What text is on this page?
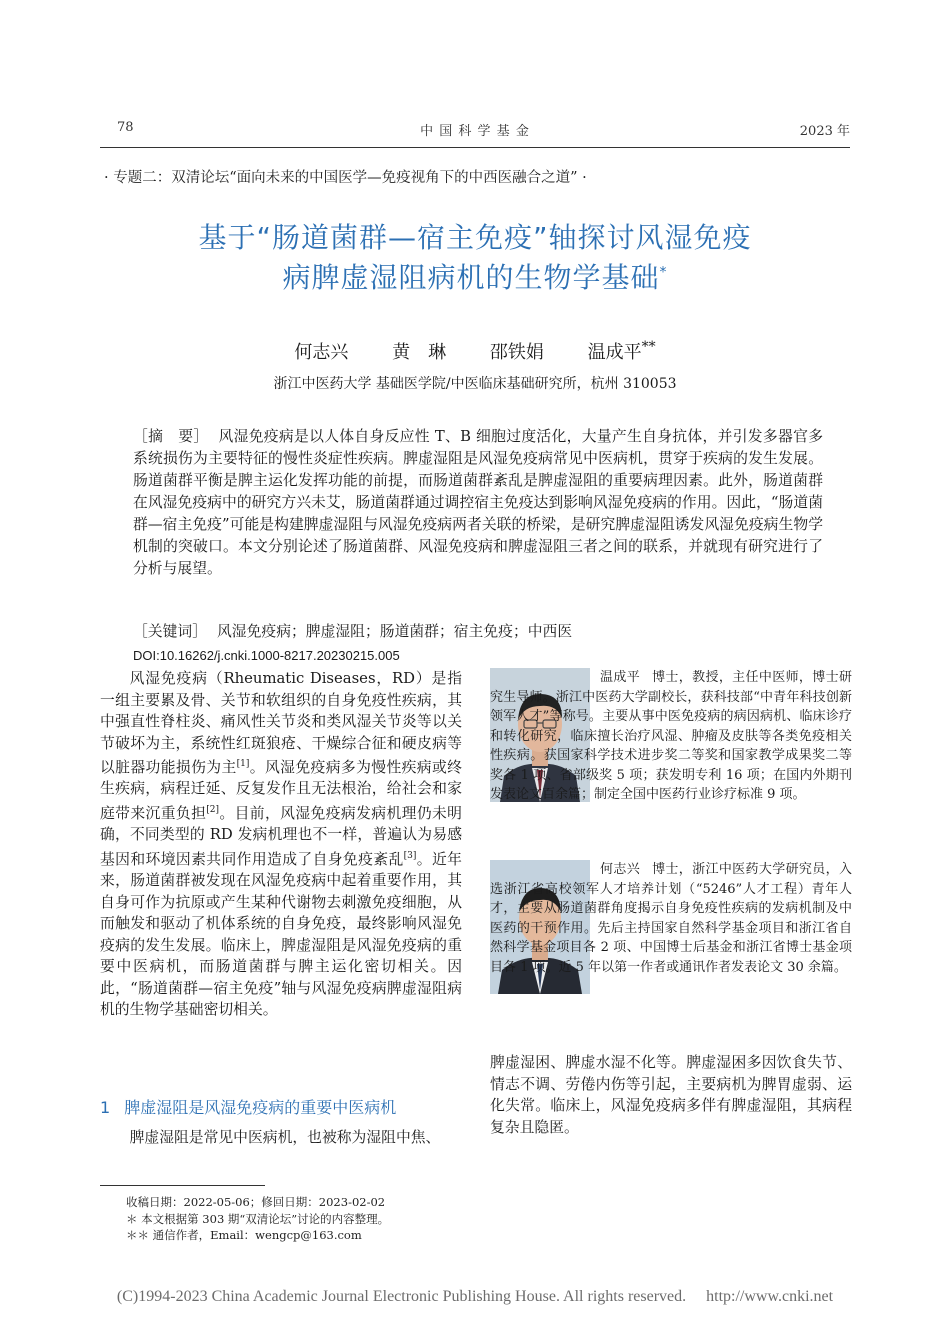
78	中 国 科 学 基 金	2023 年
· 专题二：双清论坛“面向未来的中国医学—免疫视角下的中西医融合之道” ·
基于“肠道菌群—宿主免疫”轴探讨风湿免疫
病脾虚湿阻病机的生物学基础*
何志兴 黄　琳 邵铁娟 温成平**
浙江中医药大学 基础医学院/中医临床基础研究所，杭州 310053
［摘　要］ 风湿免疫病是以人体自身反应性 T、B 细胞过度活化，大量产生自身抗体，并引发多器官多系统损伤为主要特征的慢性炎症性疾病。脾虚湿阻是风湿免疫病常见中医病机，贯穿于疾病的发生发展。肠道菌群平衡是脾主运化发挥功能的前提，而肠道菌群紊乱是脾虚湿阻的重要病理因素。此外，肠道菌群在风湿免疫病中的研究方兴未艾，肠道菌群通过调控宿主免疫达到影响风湿免疫病的作用。因此，“肠道菌群—宿主免疫”可能是构建脾虚湿阻与风湿免疫病两者关联的桥梁，是研究脾虚湿阻诱发风湿免疫病生物学机制的突破口。本文分别论述了肠道菌群、风湿免疫病和脾虚湿阻三者之间的联系，并就现有研究进行了分析与展望。
［关键词］ 风湿免疫病；脾虚湿阻；肠道菌群；宿主免疫；中西医
DOI:10.16262/j.cnki.1000-8217.20230215.005

风湿免疫病（Rheumatic Diseases，RD）是指一组主要累及骨、关节和软组织的自身免疫性疾病，其中强直性脊柱炎、痛风性关节炎和类风湿关节炎等以关节破坏为主，系统性红斑狼疮、干燥综合征和硬皮病等以脏器功能损伤为主[1]。风湿免疫病多为慢性疾病或终生疾病，病程迁延、反复发作且无法根治，给社会和家庭带来沉重负担[2]。目前，风湿免疫病发病机理仍未明确，不同类型的 RD 发病机理也不一样，普遍认为易感基因和环境因素共同作用造成了自身免疫紊乱[3]。近年来，肠道菌群被发现在风湿免疫病中起着重要作用，其自身可作为抗原或产生某种代谢物去刺激免疫细胞，从而触发和驱动了机体系统的自身免疫，最终影响风湿免疫病的发生发展。临床上，脾虚湿阻是风湿免疫病的重要中医病机，而肠道菌群与脾主运化密切相关。因此，“肠道菌群—宿主免疫”轴与风湿免疫病脾虚湿阻病机的生物学基础密切相关。

1 脾虚湿阻是风湿免疫病的重要中医病机
脾虚湿阻是常见中医病机，也被称为湿阻中焦、
温成平 博士，教授，主任中医师，博士研究生导师。浙江中医药大学副校长，获科技部“中青年科技创新领军人才”等称号。主要从事中医免疫病的病因病机、临床诊疗和转化研究，临床擅长治疗风湿、肿瘤及皮肤等各类免疫相关性疾病。获国家科学技术进步奖二等奖和国家教学成果奖二等奖各 1 项、省部级奖 5 项；获发明专利 16 项；在国内外期刊发表论文百余篇；制定全国中医药行业诊疗标准 9 项。
何志兴 博士，浙江中医药大学研究员，入选浙江省高校领军人才培养计划（“5246”人才工程）青年人才，主要从肠道菌群角度揭示自身免疫性疾病的发病机制及中医药的干预作用。先后主持国家自然科学基金项目和浙江省自然科学基金项目各 2 项、中国博士后基金和浙江省博士基金项目各 1 项。近 5 年以第一作者或通讯作者发表论文 30 余篇。

脾虚湿困、脾虚水湿不化等。脾虚湿困多因饮食失节、情志不调、劳倦内伤等引起，主要病机为脾胃虚弱、运化失常。临床上，风湿免疫病多伴有脾虚湿阻，其病程复杂且隐匿。

收稿日期：2022-05-06；修回日期：2023-02-02
＊ 本文根据第 303 期“双清论坛”讨论的内容整理。
＊＊ 通信作者，Email：wengcp@163.com
(C)1994-2023 China Academic Journal Electronic Publishing House. All rights reserved. http://www.cnki.net
